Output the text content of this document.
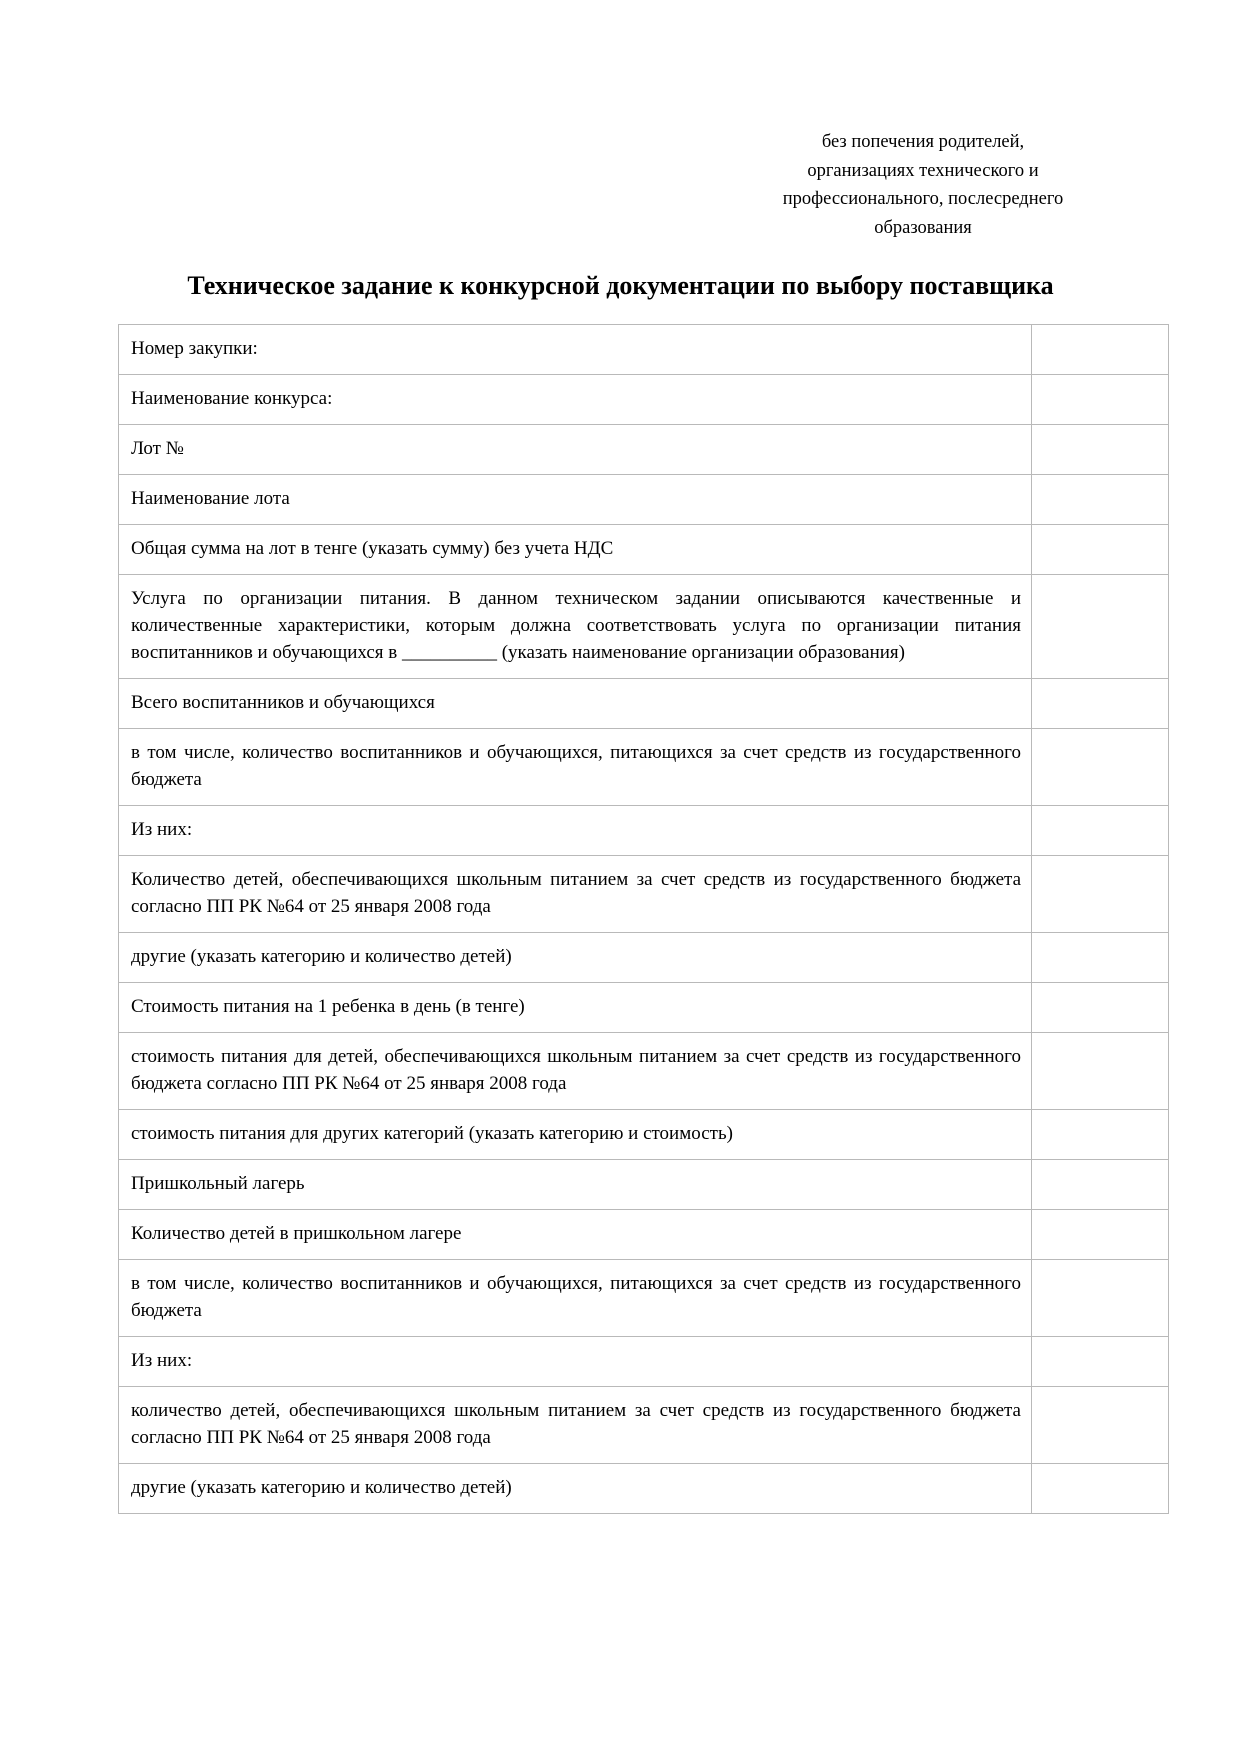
без попечения родителей,
организациях технического и
профессионального, послесреднего
образования
Техническое задание к конкурсной документации по выбору поставщика
Номер закупки:	
Наименование конкурса:	
Лот №	
Наименование лота	
Общая сумма на лот в тенге (указать сумму) без учета НДС	
Услуга по организации питания. В данном техническом задании описываются качественные и количественные характеристики, которым должна соответствовать услуга по организации питания воспитанников и обучающихся в __________ (указать наименование организации образования)	
Всего воспитанников и обучающихся	
в том числе, количество воспитанников и обучающихся, питающихся за счет средств из государственного бюджета	
Из них:	
Количество детей, обеспечивающихся школьным питанием за счет средств из государственного бюджета согласно ПП РК №64 от 25 января 2008 года	
другие (указать категорию и количество детей)	
Стоимость питания на 1 ребенка в день (в тенге)	
стоимость питания для детей, обеспечивающихся школьным питанием за счет средств из государственного бюджета согласно ПП РК №64 от 25 января 2008 года	
стоимость питания для других категорий (указать категорию и стоимость)	
Пришкольный лагерь	
Количество детей в пришкольном лагере	
в том числе, количество воспитанников и обучающихся, питающихся за счет средств из государственного бюджета	
Из них:	
количество детей, обеспечивающихся школьным питанием за счет средств из государственного бюджета согласно ПП РК №64 от 25 января 2008 года	
другие (указать категорию и количество детей)	
